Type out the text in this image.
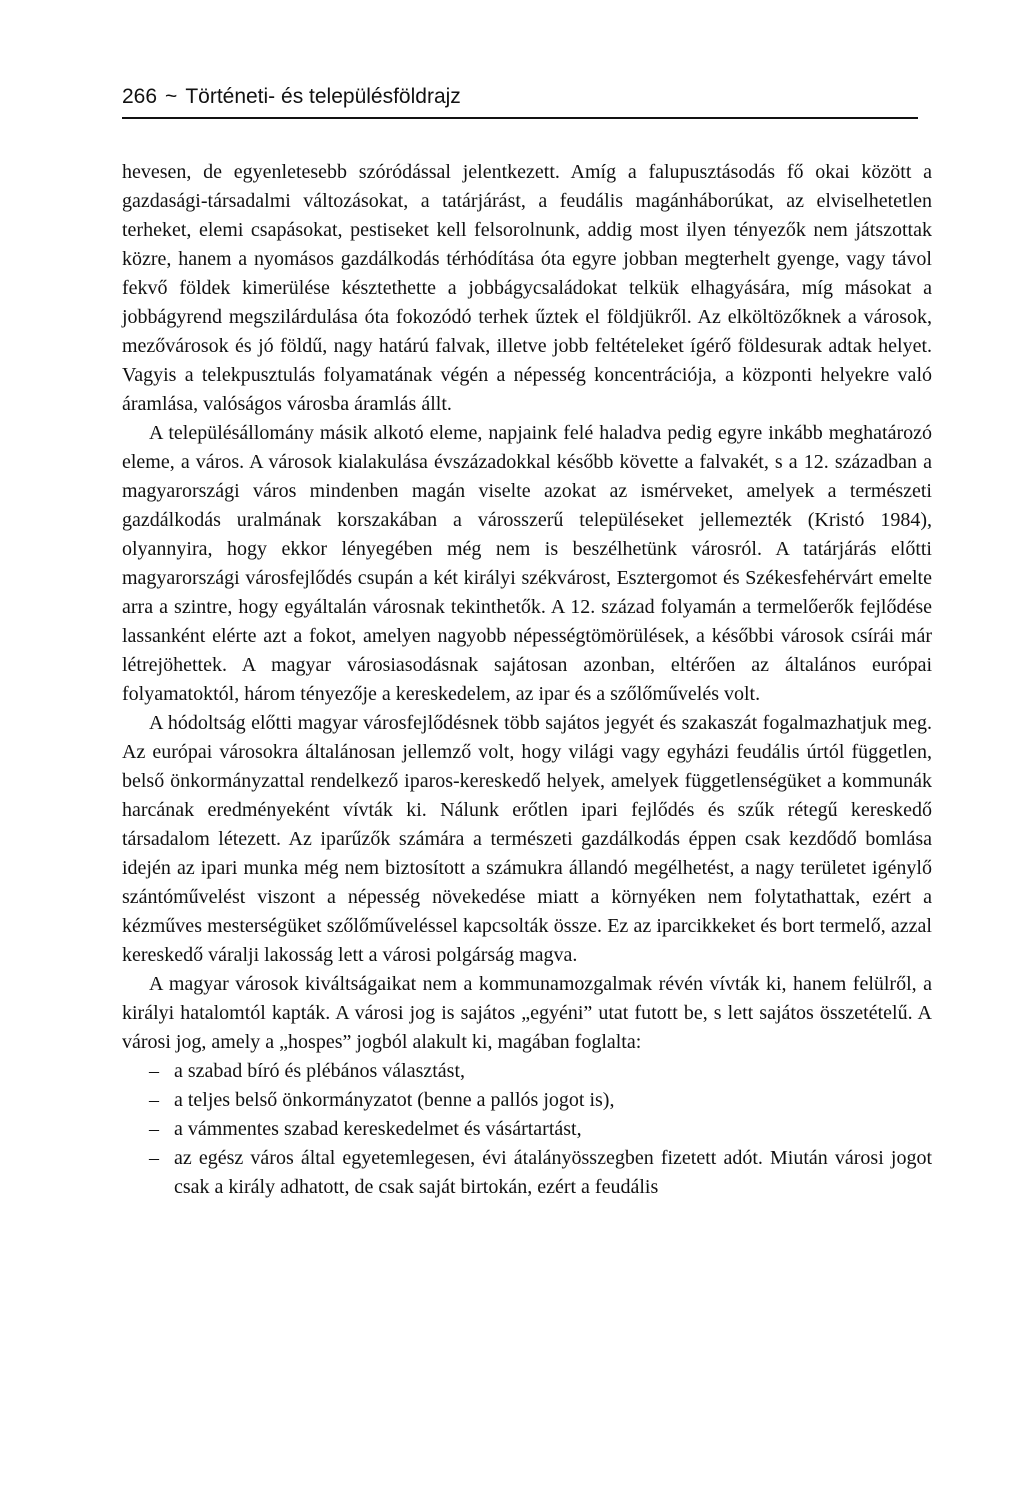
266 ~ Történeti- és településföldrajz

hevesen, de egyenletesebb szóródással jelentkezett. Amíg a falupusztásodás fő okai között a gazdasági-társadalmi változásokat, a tatárjárást, a feudális magánháborúkat, az elviselhetetlen terheket, elemi csapásokat, pestiseket kell felsorolnunk, addig most ilyen tényezők nem játszottak közre, hanem a nyomásos gazdálkodás térhódítása óta egyre jobban megterhelt gyenge, vagy távol fekvő földek kimerülése késztethette a jobbágycsaládokat telkük elhagyására, míg másokat a jobbágyrend megszilárdulása óta fokozódó terhek űztek el földjükről. Az elköltözőknek a városok, mezővárosok és jó földű, nagy határú falvak, illetve jobb feltételeket ígérő földesurak adtak helyet. Vagyis a telekpusztulás folyamatának végén a népesség koncentrációja, a központi helyekre való áramlása, valóságos városba áramlás állt.

A településállomány másik alkotó eleme, napjaink felé haladva pedig egyre inkább meghatározó eleme, a város. A városok kialakulása évszázadokkal később követte a falvakét, s a 12. században a magyarországi város mindenben magán viselte azokat az ismérveket, amelyek a természeti gazdálkodás uralmának korszakában a városszerű településeket jellemezték (Kristó 1984), olyannyira, hogy ekkor lényegében még nem is beszélhetünk városról. A tatárjárás előtti magyarországi városfejlődés csupán a két királyi székvárost, Esztergomot és Székesfehérvárt emelte arra a szintre, hogy egyáltalán városnak tekinthetők. A 12. század folyamán a termelőerők fejlődése lassanként elérte azt a fokot, amelyen nagyobb népességtömörülések, a későbbi városok csírái már létrejöhettek. A magyar városiasodásnak sajátosan azonban, eltérően az általános európai folyamatoktól, három tényezője a kereskedelem, az ipar és a szőlőművelés volt.

A hódoltság előtti magyar városfejlődésnek több sajátos jegyét és szakaszát fogalmazhatjuk meg. Az európai városokra általánosan jellemző volt, hogy világi vagy egyházi feudális úrtól független, belső önkormányzattal rendelkező iparos-kereskedő helyek, amelyek függetlenségüket a kommunák harcának eredményeként vívták ki. Nálunk erőtlen ipari fejlődés és szűk rétegű kereskedő társadalom létezett. Az iparűzők számára a természeti gazdálkodás éppen csak kezdődő bomlása idején az ipari munka még nem biztosított a számukra állandó megélhetést, a nagy területet igénylő szántóművelést viszont a népesség növekedése miatt a környéken nem folytathattak, ezért a kézműves mesterségüket szőlőműveléssel kapcsolták össze. Ez az iparcikkeket és bort termelő, azzal kereskedő váralji lakosság lett a városi polgárság magva.

A magyar városok kiváltságaikat nem a kommunamozgalmak révén vívták ki, hanem felülről, a királyi hatalomtól kapták. A városi jog is sajátos „egyéni” utat futott be, s lett sajátos összetételű. A városi jog, amely a „hospes” jogból alakult ki, magában foglalta:

– a szabad bíró és plébános választást,
– a teljes belső önkormányzatot (benne a pallós jogot is),
– a vámmentes szabad kereskedelmet és vásártartást,
– az egész város által egyetemlegesen, évi átalányösszegben fizetett adót. Miután városi jogot csak a király adhatott, de csak saját birtokán, ezért a feudális
